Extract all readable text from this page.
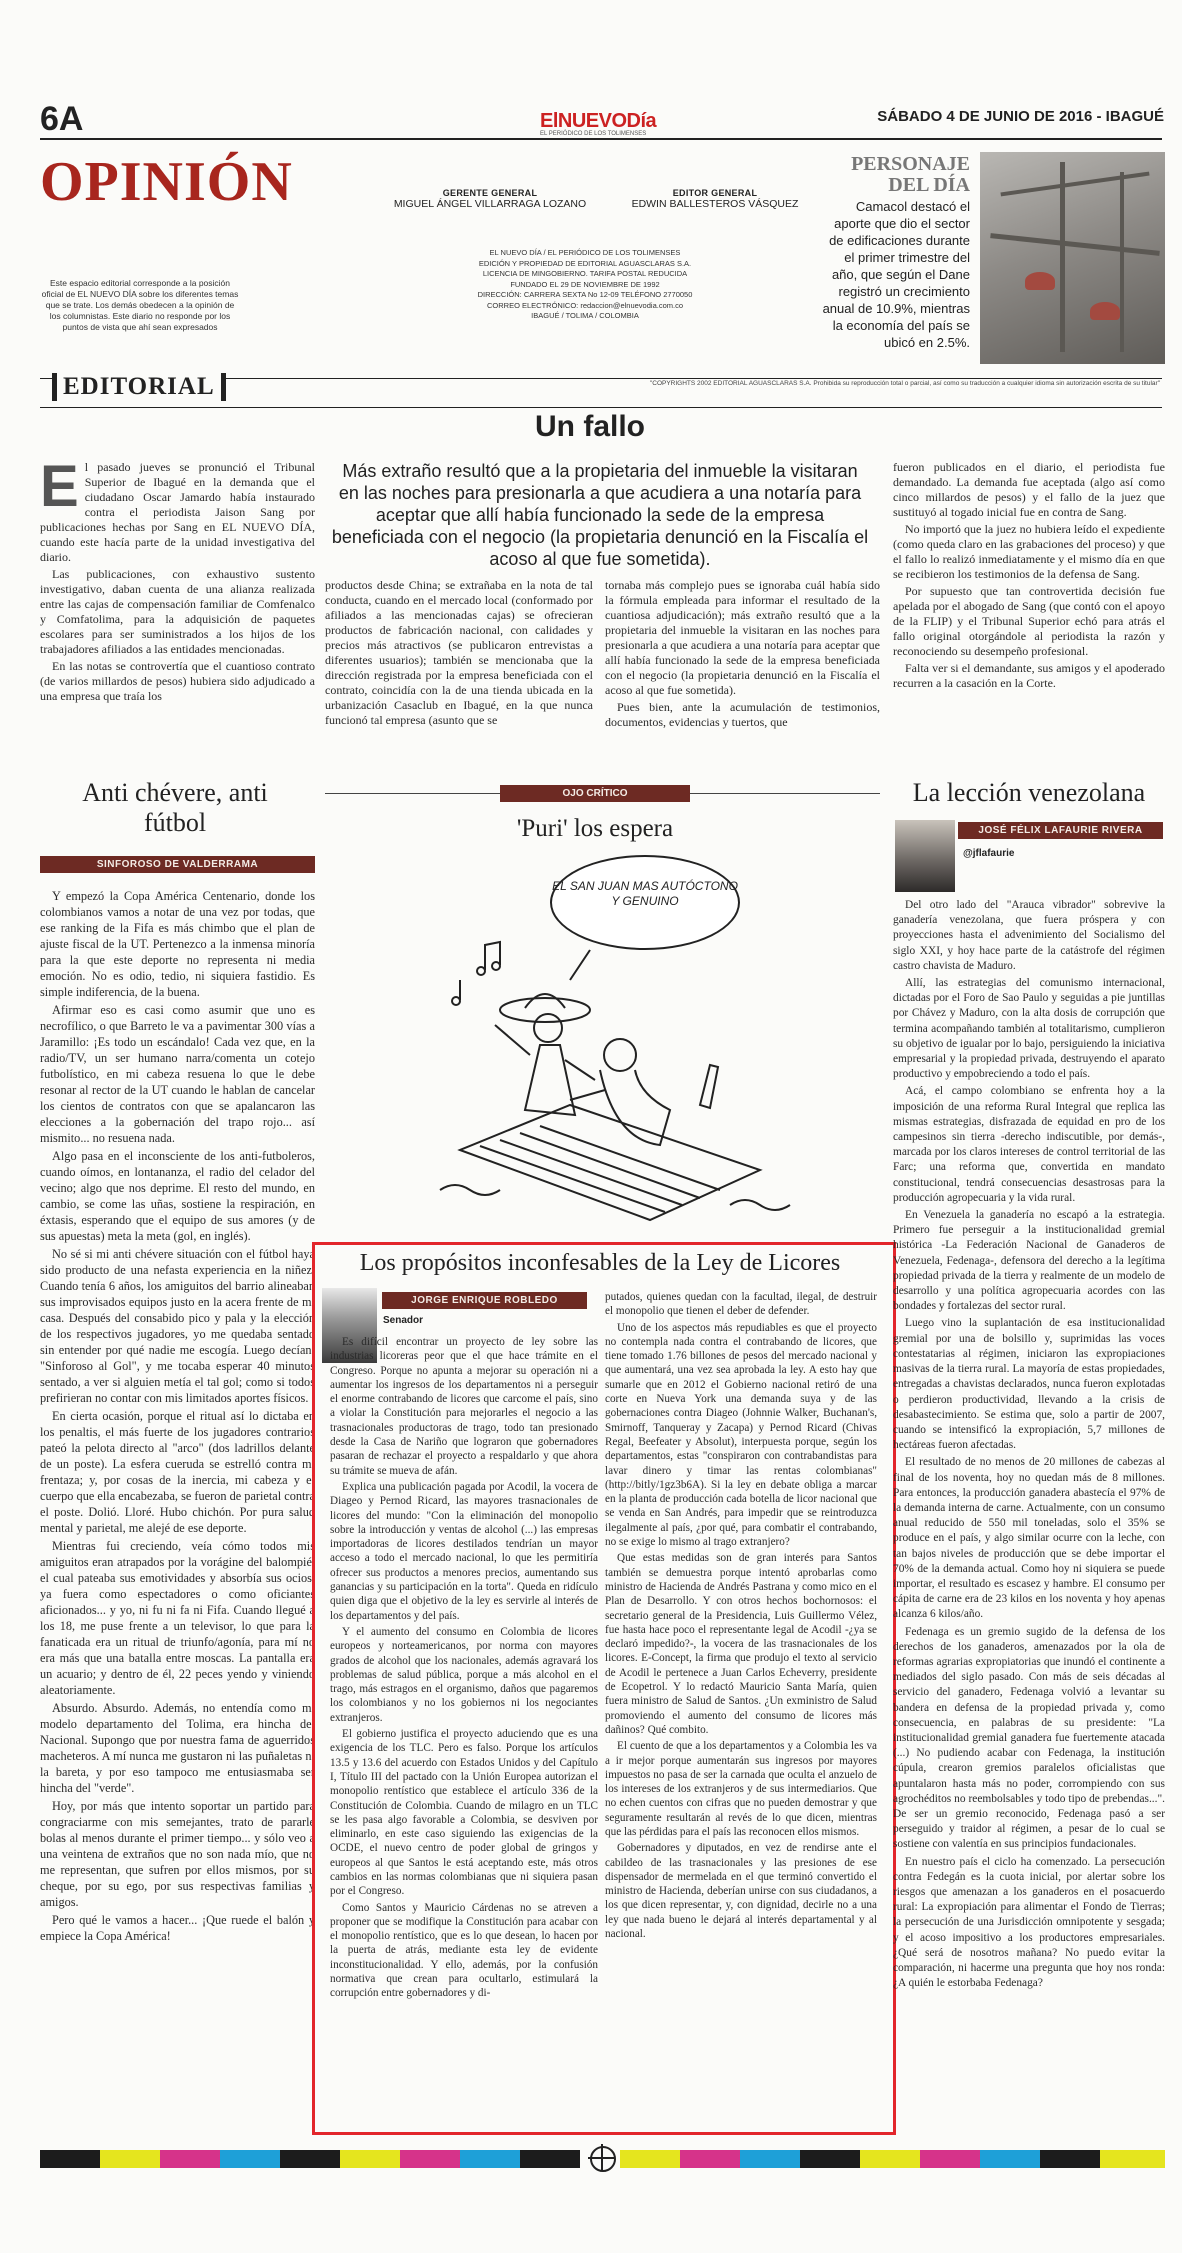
6A	ElNUEVODía
EL PERIÓDICO DE LOS TOLIMENSES
SÁBADO 4 DE JUNIO DE 2016 - IBAGUÉ
OPINIÓN	GERENTE GENERAL
MIGUEL ÁNGEL VILLARRAGA LOZANO
EDITOR GENERAL
EDWIN BALLESTEROS VÁSQUEZ
EL NUEVO DÍA / EL PERIÓDICO DE LOS TOLIMENSES
EDICIÓN Y PROPIEDAD DE EDITORIAL AGUASCLARAS S.A.
LICENCIA DE MINGOBIERNO. TARIFA POSTAL REDUCIDA
FUNDADO EL 29 DE NOVIEMBRE DE 1992
DIRECCIÓN: CARRERA SEXTA No 12-09 TELÉFONO 2770050
CORREO ELECTRÓNICO: redaccion@elnuevodia.com.co
IBAGUÉ / TOLIMA / COLOMBIA
Este espacio editorial corresponde a la posición oficial de EL NUEVO DÍA sobre los diferentes temas que se trate. Los demás obedecen a la opinión de los columnistas. Este diario no responde por los puntos de vista que ahí sean expresados
PERSONAJE DEL DÍA
Camacol destacó el aporte que dio el sector de edificaciones durante el primer trimestre del año, que según el Dane registró un crecimiento anual de 10.9%, mientras la economía del país se ubicó en 2.5%.
EDITORIAL	"COPYRIGHTS 2002 EDITORIAL AGUASCLARAS S.A. Prohibida su reproducción total o parcial, así como su traducción a cualquier idioma sin autorización escrita de su titular"
Un fallo
Más extraño resultó que a la propietaria del inmueble la visitaran en las noches para presionarla a que acudiera a una notaría para aceptar que allí había funcionado la sede de la empresa beneficiada con el negocio (la propietaria denunció en la Fiscalía el acoso al que fue sometida).

El pasado jueves se pronunció el Tribunal Superior de Ibagué en la demanda que el ciudadano Oscar Jamardo había instaurado contra el periodista Jaison Sang por publicaciones hechas por Sang en EL NUEVO DÍA, cuando este hacía parte de la unidad investigativa del diario.

Las publicaciones, con exhaustivo sustento investigativo, daban cuenta de una alianza realizada entre las cajas de compensación familiar de Comfenalco y Comfatolima, para la adquisición de paquetes escolares para ser suministrados a los hijos de los trabajadores afiliados a las entidades mencionadas.

En las notas se controvertía que el cuantioso contrato (de varios millardos de pesos) hubiera sido adjudicado a una empresa que traía los

productos desde China; se extrañaba en la nota de tal conducta, cuando en el mercado local (conformado por afiliados a las mencionadas cajas) se ofrecieran productos de fabricación nacional, con calidades y precios más atractivos (se publicaron entrevistas a diferentes usuarios); también se mencionaba que la dirección registrada por la empresa beneficiada con el contrato, coincidía con la de una tienda ubicada en la urbanización Casaclub en Ibagué, en la que nunca funcionó tal empresa (asunto que se

tornaba más complejo pues se ignoraba cuál había sido la fórmula empleada para informar el resultado de la cuantiosa adjudicación); más extraño resultó que a la propietaria del inmueble la visitaran en las noches para presionarla a que acudiera a una notaría para aceptar que allí había funcionado la sede de la empresa beneficiada con el negocio (la propietaria denunció en la Fiscalía el acoso al que fue sometida).

Pues bien, ante la acumulación de testimonios, documentos, evidencias y tuertos, que

fueron publicados en el diario, el periodista fue demandado. La demanda fue aceptada (algo así como cinco millardos de pesos) y el fallo de la juez que sustituyó al togado inicial fue en contra de Sang.

No importó que la juez no hubiera leído el expediente (como queda claro en las grabaciones del proceso) y que el fallo lo realizó inmediatamente y el mismo día en que se recibieron los testimonios de la defensa de Sang.

Por supuesto que tan controvertida decisión fue apelada por el abogado de Sang (que contó con el apoyo de la FLIP) y el Tribunal Superior echó para atrás el fallo original otorgándole al periodista la razón y reconociendo su desempeño profesional.

Falta ver si el demandante, sus amigos y el apoderado recurren a la casación en la Corte.

Anti chévere, anti fútbol
SINFOROSO DE VALDERRAMA

Y empezó la Copa América Centenario, donde los colombianos vamos a notar de una vez por todas, que ese ranking de la Fifa es más chimbo que el plan de ajuste fiscal de la UT. Pertenezco a la inmensa minoría para la que este deporte no representa ni media emoción. No es odio, tedio, ni siquiera fastidio. Es simple indiferencia, de la buena.

Afirmar eso es casi como asumir que uno es necrofílico, o que Barreto le va a pavimentar 300 vías a Jaramillo: ¡Es todo un escándalo! Cada vez que, en la radio/TV, un ser humano narra/comenta un cotejo futbolístico, en mi cabeza resuena lo que le debe resonar al rector de la UT cuando le hablan de cancelar los cientos de contratos con que se apalancaron las elecciones a la gobernación del trapo rojo... así mismito... no resuena nada.

Algo pasa en el inconsciente de los anti-futboleros, cuando oímos, en lontananza, el radio del celador del vecino; algo que nos deprime. El resto del mundo, en cambio, se come las uñas, sostiene la respiración, en éxtasis, esperando que el equipo de sus amores (y de sus apuestas) meta la meta (gol, en inglés).

No sé si mi anti chévere situación con el fútbol haya sido producto de una nefasta experiencia en la niñez. Cuando tenía 6 años, los amiguitos del barrio alineaban sus improvisados equipos justo en la acera frente de mi casa. Después del consabido pico y pala y la elección de los respectivos jugadores, yo me quedaba sentado sin entender por qué nadie me escogía. Luego decían: "Sinforoso al Gol", y me tocaba esperar 40 minutos sentado, a ver si alguien metía el tal gol; como si todos prefirieran no contar con mis limitados aportes físicos.

En cierta ocasión, porque el ritual así lo dictaba en los penaltis, el más fuerte de los jugadores contrarios pateó la pelota directo al "arco" (dos ladrillos delante de un poste). La esfera cueruda se estrelló contra mi frentaza; y, por cosas de la inercia, mi cabeza y el cuerpo que ella encabezaba, se fueron de parietal contra el poste. Dolió. Lloré. Hubo chichón. Por pura salud mental y parietal, me alejé de ese deporte.

Mientras fui creciendo, veía cómo todos mis amiguitos eran atrapados por la vorágine del balompié, el cual pateaba sus emotividades y absorbía sus ocios, ya fuera como espectadores o como oficiantes aficionados... y yo, ni fu ni fa ni Fifa. Cuando llegué a los 18, me puse frente a un televisor, lo que para la fanaticada era un ritual de triunfo/agonía, para mí no era más que una batalla entre moscas. La pantalla era un acuario; y dentro de él, 22 peces yendo y viniendo aleatoriamente.

Absurdo. Absurdo. Además, no entendía como mi modelo departamento del Tolima, era hincha del Nacional. Supongo que por nuestra fama de aguerridos macheteros. A mí nunca me gustaron ni las puñaletas ni la bareta, y por eso tampoco me entusiasmaba ser hincha del "verde".

Hoy, por más que intento soportar un partido para congraciarme con mis semejantes, trato de pararle bolas al menos durante el primer tiempo... y sólo veo a una veintena de extraños que no son nada mío, que no me representan, que sufren por ellos mismos, por su cheque, por su ego, por sus respectivas familias y amigos.

Pero qué le vamos a hacer... ¡Que ruede el balón y empiece la Copa América!

OJO CRÍTICO
'Puri' los espera
EL SAN JUAN MAS AUTÓCTONO Y GENUINO
Los propósitos inconfesables de la Ley de Licores
JORGE ENRIQUE ROBLEDO
Senador

Es difícil encontrar un proyecto de ley sobre las industrias licoreras peor que el que hace trámite en el Congreso. Porque no apunta a mejorar su operación ni a aumentar los ingresos de los departamentos ni a perseguir el enorme contrabando de licores que carcome el país, sino a violar la Constitución para mejorarles el negocio a las trasnacionales productoras de trago, todo tan presionado desde la Casa de Nariño que lograron que gobernadores pasaran de rechazar el proyecto a respaldarlo y que ahora su trámite se mueva de afán.

Explica una publicación pagada por Acodil, la vocera de Diageo y Pernod Ricard, las mayores trasnacionales de licores del mundo: "Con la eliminación del monopolio sobre la introducción y ventas de alcohol (...) las empresas importadoras de licores destilados tendrían un mayor acceso a todo el mercado nacional, lo que les permitiría ofrecer sus productos a menores precios, aumentando sus ganancias y su participación en la torta". Queda en ridículo quien diga que el objetivo de la ley es servirle al interés de los departamentos y del país.

Y el aumento del consumo en Colombia de licores europeos y norteamericanos, por norma con mayores grados de alcohol que los nacionales, además agravará los problemas de salud pública, porque a más alcohol en el trago, más estragos en el organismo, daños que pagaremos los colombianos y no los gobiernos ni los negociantes extranjeros.

El gobierno justifica el proyecto aduciendo que es una exigencia de los TLC. Pero es falso. Porque los artículos 13.5 y 13.6 del acuerdo con Estados Unidos y del Capítulo I, Título III del pactado con la Unión Europea autorizan el monopolio rentístico que establece el artículo 336 de la Constitución de Colombia. Cuando de milagro en un TLC se les pasa algo favorable a Colombia, se desviven por eliminarlo, en este caso siguiendo las exigencias de la OCDE, el nuevo centro de poder global de gringos y europeos al que Santos le está aceptando este, más otros cambios en las normas colombianas que ni siquiera pasan por el Congreso.

Como Santos y Mauricio Cárdenas no se atreven a proponer que se modifique la Constitución para acabar con el monopolio rentístico, que es lo que desean, lo hacen por la puerta de atrás, mediante esta ley de evidente inconstitucionalidad. Y ello, además, por la confusión normativa que crean para ocultarlo, estimulará la corrupción entre gobernadores y di-

putados, quienes quedan con la facultad, ilegal, de destruir el monopolio que tienen el deber de defender.

Uno de los aspectos más repudiables es que el proyecto no contempla nada contra el contrabando de licores, que tiene tomado 1.76 billones de pesos del mercado nacional y que aumentará, una vez sea aprobada la ley. A esto hay que sumarle que en 2012 el Gobierno nacional retiró de una corte en Nueva York una demanda suya y de las gobernaciones contra Diageo (Johnnie Walker, Buchanan's, Smirnoff, Tanqueray y Zacapa) y Pernod Ricard (Chivas Regal, Beefeater y Absolut), interpuesta porque, según los departamentos, estas "conspiraron con contrabandistas para lavar dinero y timar las rentas colombianas" (http://bitly/1gz3b6A). Si la ley en debate obliga a marcar en la planta de producción cada botella de licor nacional que se venda en San Andrés, para impedir que se reintroduzca ilegalmente al país, ¿por qué, para combatir el contrabando, no se exige lo mismo al trago extranjero?

Que estas medidas son de gran interés para Santos también se demuestra porque intentó aprobarlas como ministro de Hacienda de Andrés Pastrana y como mico en el Plan de Desarrollo. Y con otros hechos bochornosos: el secretario general de la Presidencia, Luis Guillermo Vélez, fue hasta hace poco el representante legal de Acodil -¿ya se declaró impedido?-, la vocera de las trasnacionales de los licores. E-Concept, la firma que produjo el texto al servicio de Acodil le pertenece a Juan Carlos Echeverry, presidente de Ecopetrol. Y lo redactó Mauricio Santa María, quien fuera ministro de Salud de Santos. ¿Un exministro de Salud promoviendo el aumento del consumo de licores más dañinos? Qué combito.

El cuento de que a los departamentos y a Colombia les va a ir mejor porque aumentarán sus ingresos por mayores impuestos no pasa de ser la carnada que oculta el anzuelo de los intereses de los extranjeros y de sus intermediarios. Que no echen cuentos con cifras que no pueden demostrar y que seguramente resultarán al revés de lo que dicen, mientras que las pérdidas para el país las reconocen ellos mismos.

Gobernadores y diputados, en vez de rendirse ante el cabildeo de las trasnacionales y las presiones de ese dispensador de mermelada en el que terminó convertido el ministro de Hacienda, deberían unirse con sus ciudadanos, a los que dicen representar, y, con dignidad, decirle no a una ley que nada bueno le dejará al interés departamental y al nacional.

La lección venezolana
JOSÉ FÉLIX LAFAURIE RIVERA
@jflafaurie

Del otro lado del "Arauca vibrador" sobrevive la ganadería venezolana, que fuera próspera y con proyecciones hasta el advenimiento del Socialismo del siglo XXI, y hoy hace parte de la catástrofe del régimen castro chavista de Maduro.

Allí, las estrategias del comunismo internacional, dictadas por el Foro de Sao Paulo y seguidas a pie juntillas por Chávez y Maduro, con la alta dosis de corrupción que termina acompañando también al totalitarismo, cumplieron su objetivo de igualar por lo bajo, persiguiendo la iniciativa empresarial y la propiedad privada, destruyendo el aparato productivo y empobreciendo a todo el país.

Acá, el campo colombiano se enfrenta hoy a la imposición de una reforma Rural Integral que replica las mismas estrategias, disfrazada de equidad en pro de los campesinos sin tierra -derecho indiscutible, por demás-, marcada por los claros intereses de control territorial de las Farc; una reforma que, convertida en mandato constitucional, tendrá consecuencias desastrosas para la producción agropecuaria y la vida rural.

En Venezuela la ganadería no escapó a la estrategia. Primero fue perseguir a la institucionalidad gremial histórica -La Federación Nacional de Ganaderos de Venezuela, Fedenaga-, defensora del derecho a la legítima propiedad privada de la tierra y realmente de un modelo de desarrollo y una política agropecuaria acordes con las bondades y fortalezas del sector rural.

Luego vino la suplantación de esa institucionalidad gremial por una de bolsillo y, suprimidas las voces contestatarias al régimen, iniciaron las expropiaciones masivas de la tierra rural. La mayoría de estas propiedades, entregadas a chavistas declarados, nunca fueron explotadas o perdieron productividad, llevando a la crisis de desabastecimiento. Se estima que, solo a partir de 2007, cuando se intensificó la expropiación, 5,7 millones de hectáreas fueron afectadas.

El resultado de no menos de 20 millones de cabezas al final de los noventa, hoy no quedan más de 8 millones. Para entonces, la producción ganadera abastecía el 97% de la demanda interna de carne. Actualmente, con un consumo anual reducido de 550 mil toneladas, solo el 35% se produce en el país, y algo similar ocurre con la leche, con tan bajos niveles de producción que se debe importar el 70% de la demanda actual. Como hoy ni siquiera se puede importar, el resultado es escasez y hambre. El consumo per cápita de carne era de 23 kilos en los noventa y hoy apenas alcanza 6 kilos/año.

Fedenaga es un gremio sugido de la defensa de los derechos de los ganaderos, amenazados por la ola de reformas agrarias expropiatorias que inundó el continente a mediados del siglo pasado. Con más de seis décadas al servicio del ganadero, Fedenaga volvió a levantar su bandera en defensa de la propiedad privada y, como consecuencia, en palabras de su presidente: "La institucionalidad gremial ganadera fue fuertemente atacada (...) No pudiendo acabar con Fedenaga, la institución cúpula, crearon gremios paralelos oficialistas que apuntalaron hasta más no poder, corrompiendo con sus agrochéditos no reembolsables y todo tipo de prebendas...". De ser un gremio reconocido, Fedenaga pasó a ser perseguido y traidor al régimen, a pesar de lo cual se sostiene con valentía en sus principios fundacionales.

En nuestro país el ciclo ha comenzado. La persecución contra Fedegán es la cuota inicial, por alertar sobre los riesgos que amenazan a los ganaderos en el posacuerdo rural: La expropiación para alimentar el Fondo de Tierras; la persecución de una Jurisdicción omnipotente y sesgada; y el acoso impositivo a los productores empresariales. ¿Qué será de nosotros mañana? No puedo evitar la comparación, ni hacerme una pregunta que hoy nos ronda: ¿A quién le estorbaba Fedenaga?
